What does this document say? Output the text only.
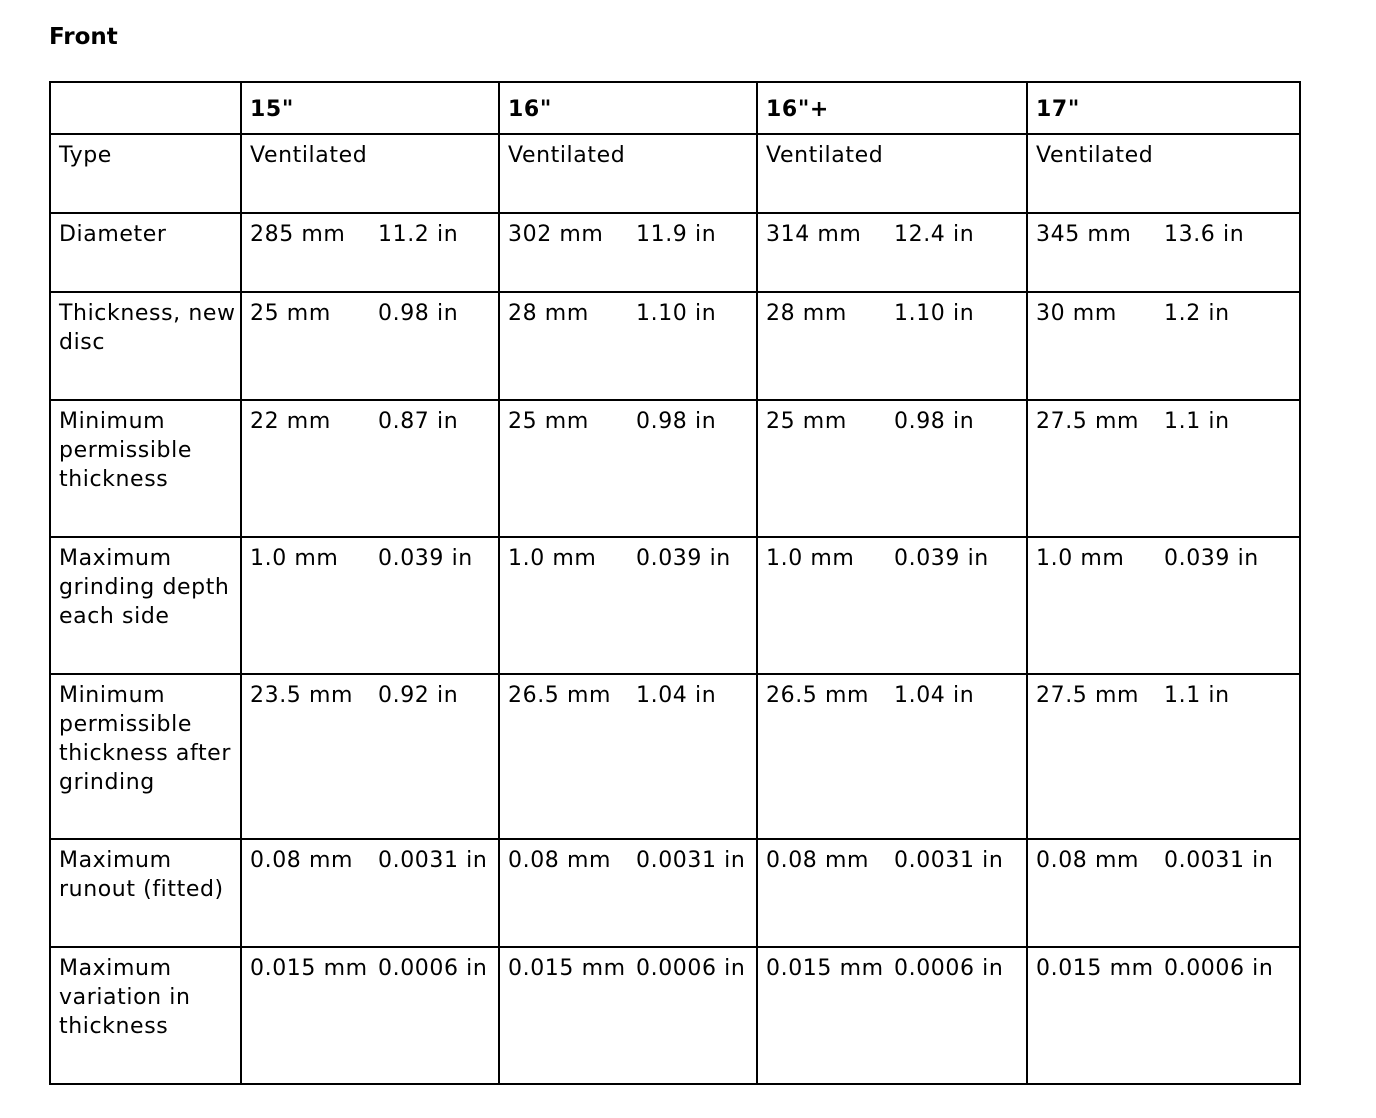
Front

	15"	16"	16"+	17"

Type	Ventilated	Ventilated	Ventilated	Ventilated
Diameter	285 mm 11.2 in	302 mm 11.9 in	314 mm 12.4 in	345 mm 13.6 in

Thickness, new disc	25 mm 0.98 in	28 mm 1.10 in	28 mm 1.10 in	30 mm 1.2 in

Minimum permissible thickness	22 mm 0.87 in	25 mm 0.98 in	25 mm 0.98 in	27.5 mm 1.1 in

Maximum grinding depth each side	1.0 mm 0.039 in	1.0 mm 0.039 in	1.0 mm 0.039 in	1.0 mm 0.039 in

Minimum permissible thickness after grinding	23.5 mm 0.92 in	26.5 mm 1.04 in	26.5 mm 1.04 in	27.5 mm 1.1 in

Maximum runout (fitted)	0.08 mm 0.0031 in	0.08 mm 0.0031 in	0.08 mm 0.0031 in	0.08 mm 0.0031 in

Maximum variation in thickness	0.015 mm 0.0006 in	0.015 mm 0.0006 in	0.015 mm 0.0006 in	0.015 mm 0.0006 in
